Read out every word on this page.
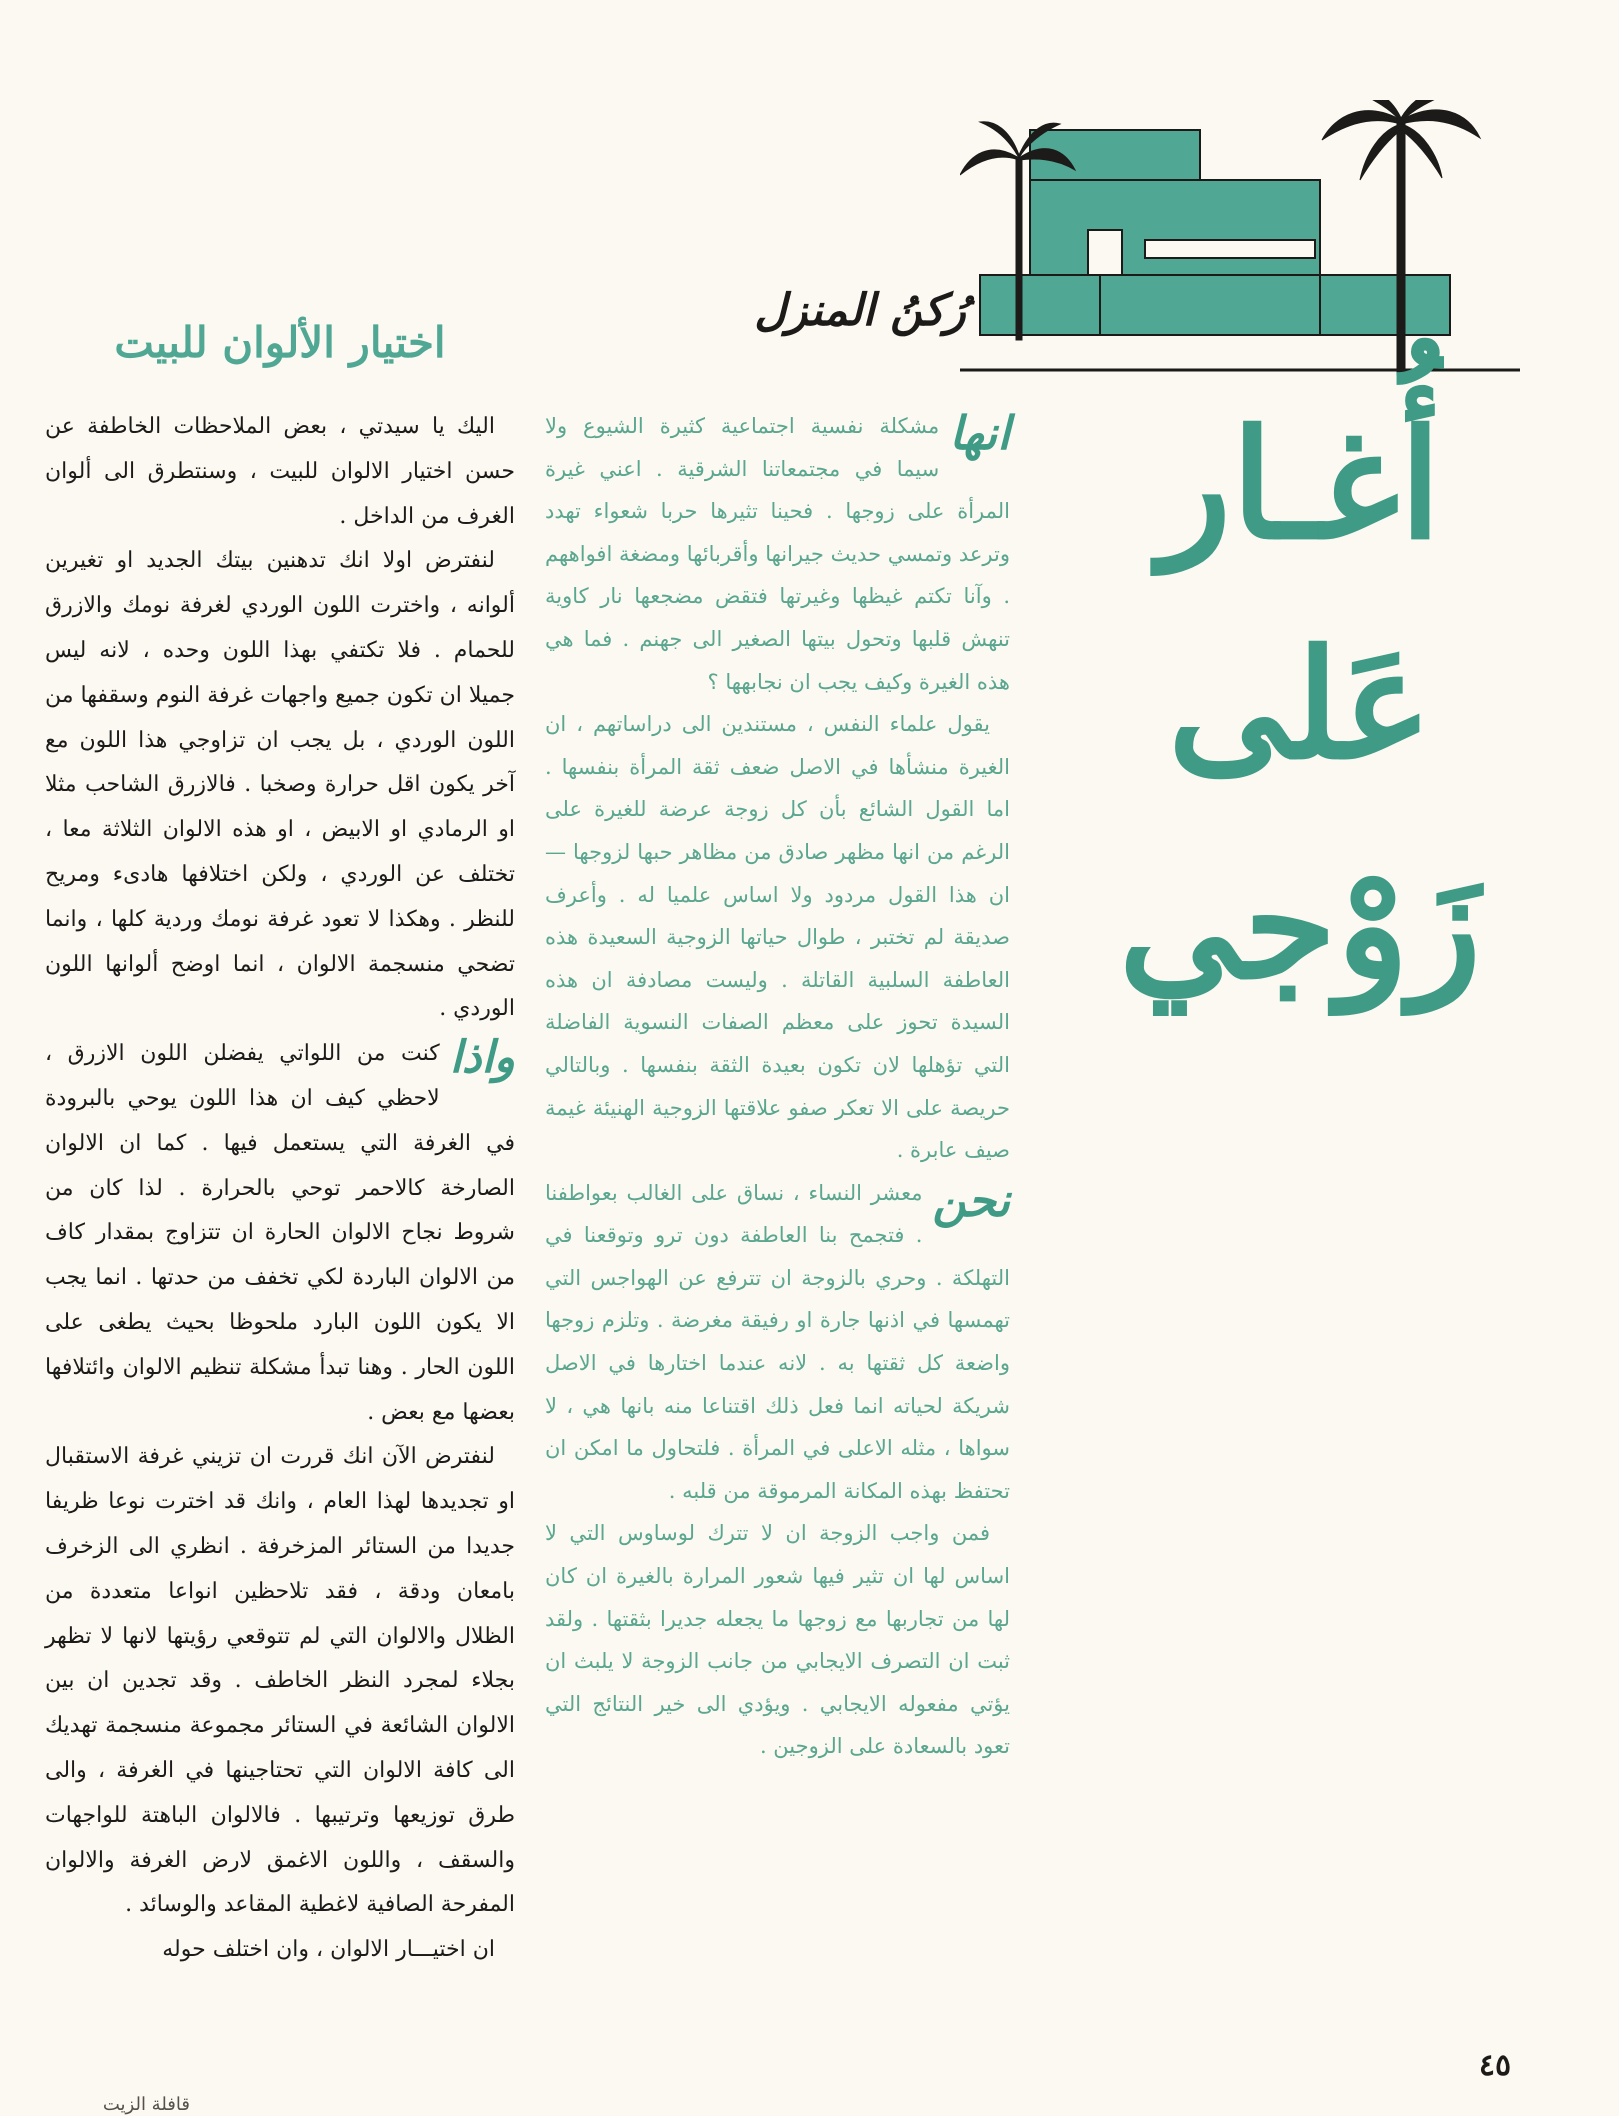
رُكنُ المنزل
أُغـار
عَلى
زَوْجي

انها
مشكلة نفسية اجتماعية كثيرة الشيوع ولا سيما في مجتمعاتنا الشرقية . اعني غيرة المرأة على زوجها . فحينا تثيرها حربا شعواء تهدد وترعد وتمسي حديث جيرانها وأقربائها ومضغة افواههم . وآنا تكتم غيظها وغيرتها فتقض مضجعها نار كاوية تنهش قلبها وتحول بيتها الصغير الى جهنم . فما هي هذه الغيرة وكيف يجب ان نجابهها ؟

يقول علماء النفس ، مستندين الى دراساتهم ، ان الغيرة منشأها في الاصل ضعف ثقة المرأة بنفسها . اما القول الشائع بأن كل زوجة عرضة للغيرة على الرغم من انها مظهر صادق من مظاهر حبها لزوجها — ان هذا القول مردود ولا اساس علميا له . وأعرف صديقة لم تختبر ، طوال حياتها الزوجية السعيدة هذه العاطفة السلبية القاتلة . وليست مصادفة ان هذه السيدة تحوز على معظم الصفات النسوية الفاضلة التي تؤهلها لان تكون بعيدة الثقة بنفسها . وبالتالي حريصة على الا تعكر صفو علاقتها الزوجية الهنيئة غيمة صيف عابرة .

نحن
معشر النساء ، نساق على الغالب بعواطفنا . فتجمح بنا العاطفة دون ترو وتوقعنا في التهلكة . وحري بالزوجة ان تترفع عن الهواجس التي تهمسها في اذنها جارة او رفيقة مغرضة . وتلزم زوجها واضعة كل ثقتها به . لانه عندما اختارها في الاصل شريكة لحياته انما فعل ذلك اقتناعا منه بانها هي ، لا سواها ، مثله الاعلى في المرأة . فلتحاول ما امكن ان تحتفظ بهذه المكانة المرموقة من قلبه .

فمن واجب الزوجة ان لا تترك لوساوس التي لا اساس لها ان تثير فيها شعور المرارة بالغيرة ان كان لها من تجاربها مع زوجها ما يجعله جديرا بثقتها . ولقد ثبت ان التصرف الايجابي من جانب الزوجة لا يلبث ان يؤتي مفعوله الايجابي . ويؤدي الى خير النتائج التي تعود بالسعادة على الزوجين .

اختيار الألوان للبيت

اليك يا سيدتي ، بعض الملاحظات الخاطفة عن حسن اختيار الالوان للبيت ، وسنتطرق الى ألوان الغرف من الداخل .

لنفترض اولا انك تدهنين بيتك الجديد او تغيرين ألوانه ، واخترت اللون الوردي لغرفة نومك والازرق للحمام . فلا تكتفي بهذا اللون وحده ، لانه ليس جميلا ان تكون جميع واجهات غرفة النوم وسقفها من اللون الوردي ، بل يجب ان تزاوجي هذا اللون مع آخر يكون اقل حرارة وصخبا . فالازرق الشاحب مثلا او الرمادي او الابيض ، او هذه الالوان الثلاثة معا ، تختلف عن الوردي ، ولكن اختلافها هادىء ومريح للنظر . وهكذا لا تعود غرفة نومك وردية كلها ، وانما تضحي منسجمة الالوان ، انما اوضح ألوانها اللون الوردي .

واذا
كنت من اللواتي يفضلن اللون الازرق ، لاحظي كيف ان هذا اللون يوحي بالبرودة في الغرفة التي يستعمل فيها . كما ان الالوان الصارخة كالاحمر توحي بالحرارة . لذا كان من شروط نجاح الالوان الحارة ان تتزاوج بمقدار كاف من الالوان الباردة لكي تخفف من حدتها . انما يجب الا يكون اللون البارد ملحوظا بحيث يطغى على اللون الحار . وهنا تبدأ مشكلة تنظيم الالوان وائتلافها بعضها مع بعض .

لنفترض الآن انك قررت ان تزيني غرفة الاستقبال او تجديدها لهذا العام ، وانك قد اخترت نوعا ظريفا جديدا من الستائر المزخرفة . انظري الى الزخرف بامعان ودقة ، فقد تلاحظين انواعا متعددة من الظلال والالوان التي لم تتوقعي رؤيتها لانها لا تظهر بجلاء لمجرد النظر الخاطف . وقد تجدين ان بين الالوان الشائعة في الستائر مجموعة منسجمة تهديك الى كافة الالوان التي تحتاجينها في الغرفة ، والى طرق توزيعها وترتيبها . فالالوان الباهتة للواجهات والسقف ، واللون الاغمق لارض الغرفة والالوان المفرحة الصافية لاغطية المقاعد والوسائد .

ان اختيـــار الالوان ، وان اختلف حوله

٤٥
قافلة الزيت
